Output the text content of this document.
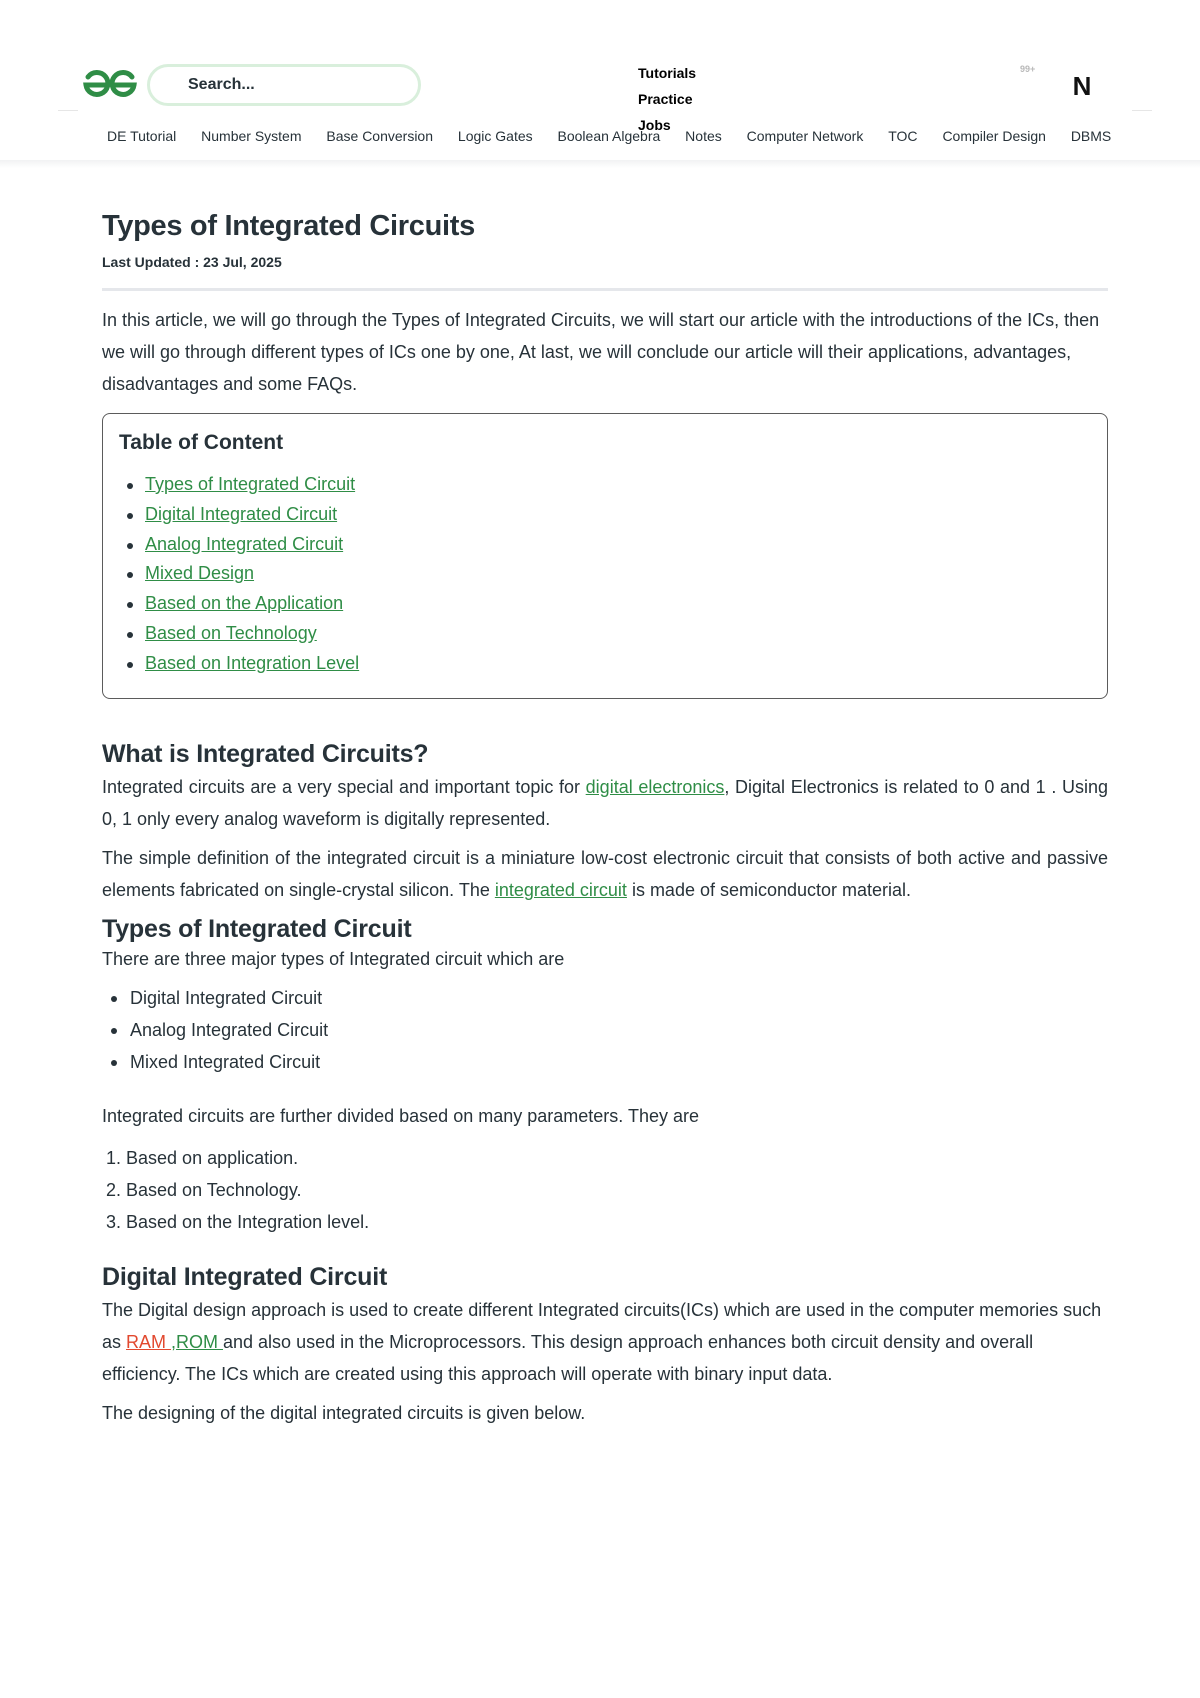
Search...
Tutorials
Practice
Jobs
99+
N
DE Tutorial Number System Base Conversion Logic Gates Boolean Algebra Notes Computer Network TOC Compiler Design DBMS
Types of Integrated Circuits
Last Updated : 23 Jul, 2025

In this article, we will go through the Types of Integrated Circuits, we will start our article with the introductions of the ICs, then we will go through different types of ICs one by one, At last, we will conclude our article will their applications, advantages, disadvantages and some FAQs.

Table of Content
Types of Integrated Circuit
Digital Integrated Circuit
Analog Integrated Circuit
Mixed Design
Based on the Application
Based on Technology
Based on Integration Level
What is Integrated Circuits?

Integrated circuits are a very special and important topic for digital electronics, Digital Electronics is related to 0 and 1 . Using 0, 1 only every analog waveform is digitally represented.

The simple definition of the integrated circuit is a miniature low-cost electronic circuit that consists of both active and passive elements fabricated on single-crystal silicon. The integrated circuit is made of semiconductor material.

Types of Integrated Circuit

There are three major types of Integrated circuit which are

Digital Integrated Circuit
Analog Integrated Circuit
Mixed Integrated Circuit

Integrated circuits are further divided based on many parameters. They are

1. Based on application.
2. Based on Technology.
3. Based on the Integration level.
Digital Integrated Circuit

The Digital design approach is used to create different Integrated circuits(ICs) which are used in the computer memories such as RAM ,ROM and also used in the Microprocessors. This design approach enhances both circuit density and overall efficiency. The ICs which are created using this approach will operate with binary input data.

The designing of the digital integrated circuits is given below.
